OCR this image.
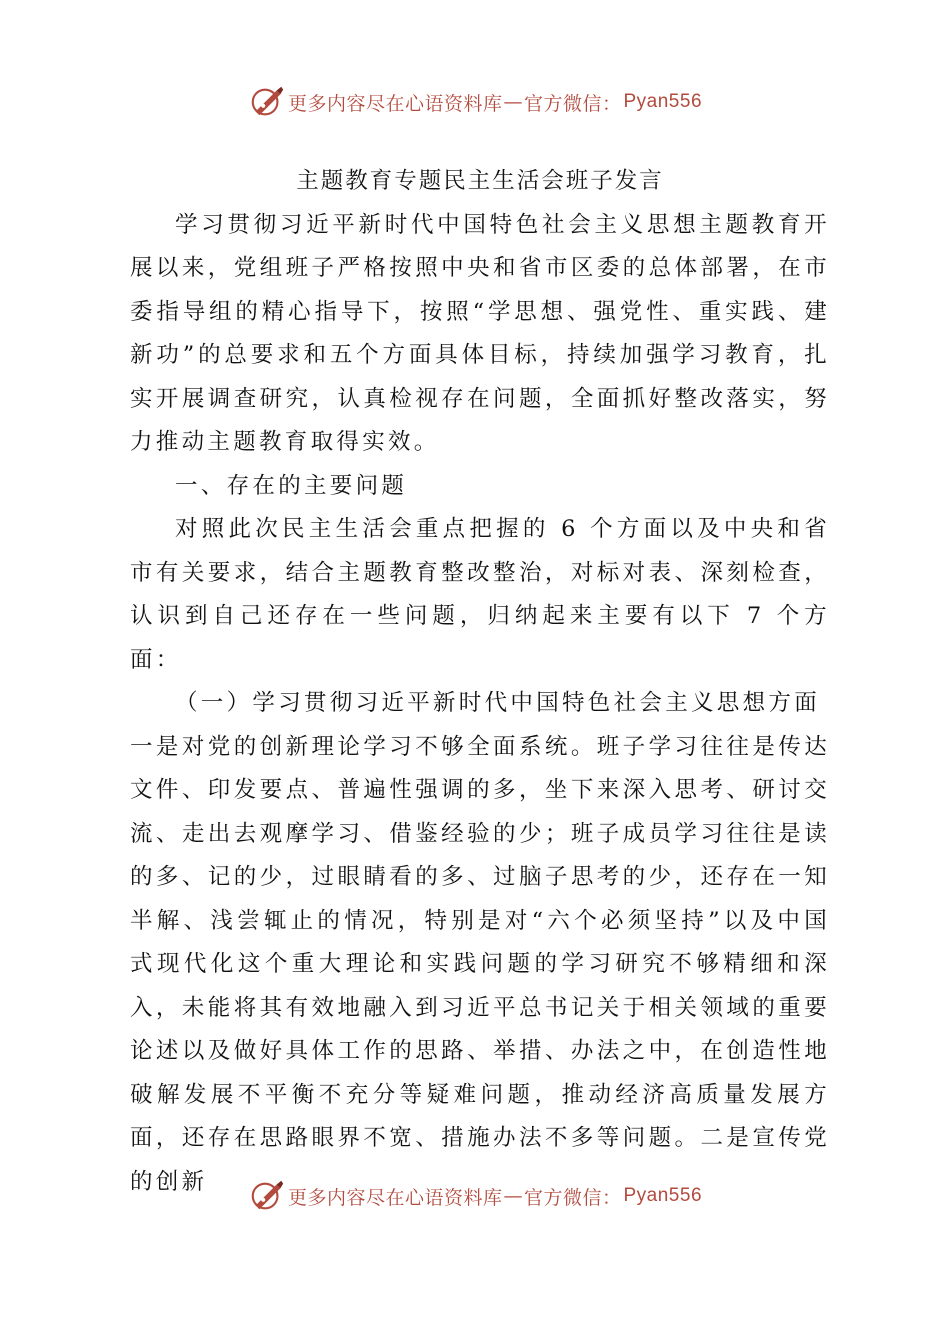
更多内容尽在心语资料库 — 官方微信： Pyan556

主题教育专题民主生活会班子发言

学习贯彻习近平新时代中国特色社会主义思想主题教育开展以来，党组班子严格按照中央和省市区委的总体部署，在市委指导组的精心指导下，按照“学思想、强党性、重实践、建新功”的总要求和五个方面具体目标，持续加强学习教育，扎实开展调查研究，认真检视存在问题，全面抓好整改落实，努力推动主题教育取得实效。

一、存在的主要问题

对照此次民主生活会重点把握的 6 个方面以及中央和省市有关要求，结合主题教育整改整治，对标对表、深刻检查，认识到自己还存在一些问题，归纳起来主要有以下 7 个方面：

（一）学习贯彻习近平新时代中国特色社会主义思想方面

一是对党的创新理论学习不够全面系统。班子学习往往是传达文件、印发要点、普遍性强调的多，坐下来深入思考、研讨交流、走出去观摩学习、借鉴经验的少；班子成员学习往往是读的多、记的少，过眼睛看的多、过脑子思考的少，还存在一知半解、浅尝辄止的情况，特别是对“六个必须坚持”以及中国式现代化这个重大理论和实践问题的学习研究不够精细和深入，未能将其有效地融入到习近平总书记关于相关领域的重要论述以及做好具体工作的思路、举措、办法之中，在创造性地破解发展不平衡不充分等疑难问题，推动经济高质量发展方面，还存在思路眼界不宽、措施办法不多等问题。二是宣传党的创新

更多内容尽在心语资料库 — 官方微信： Pyan556
